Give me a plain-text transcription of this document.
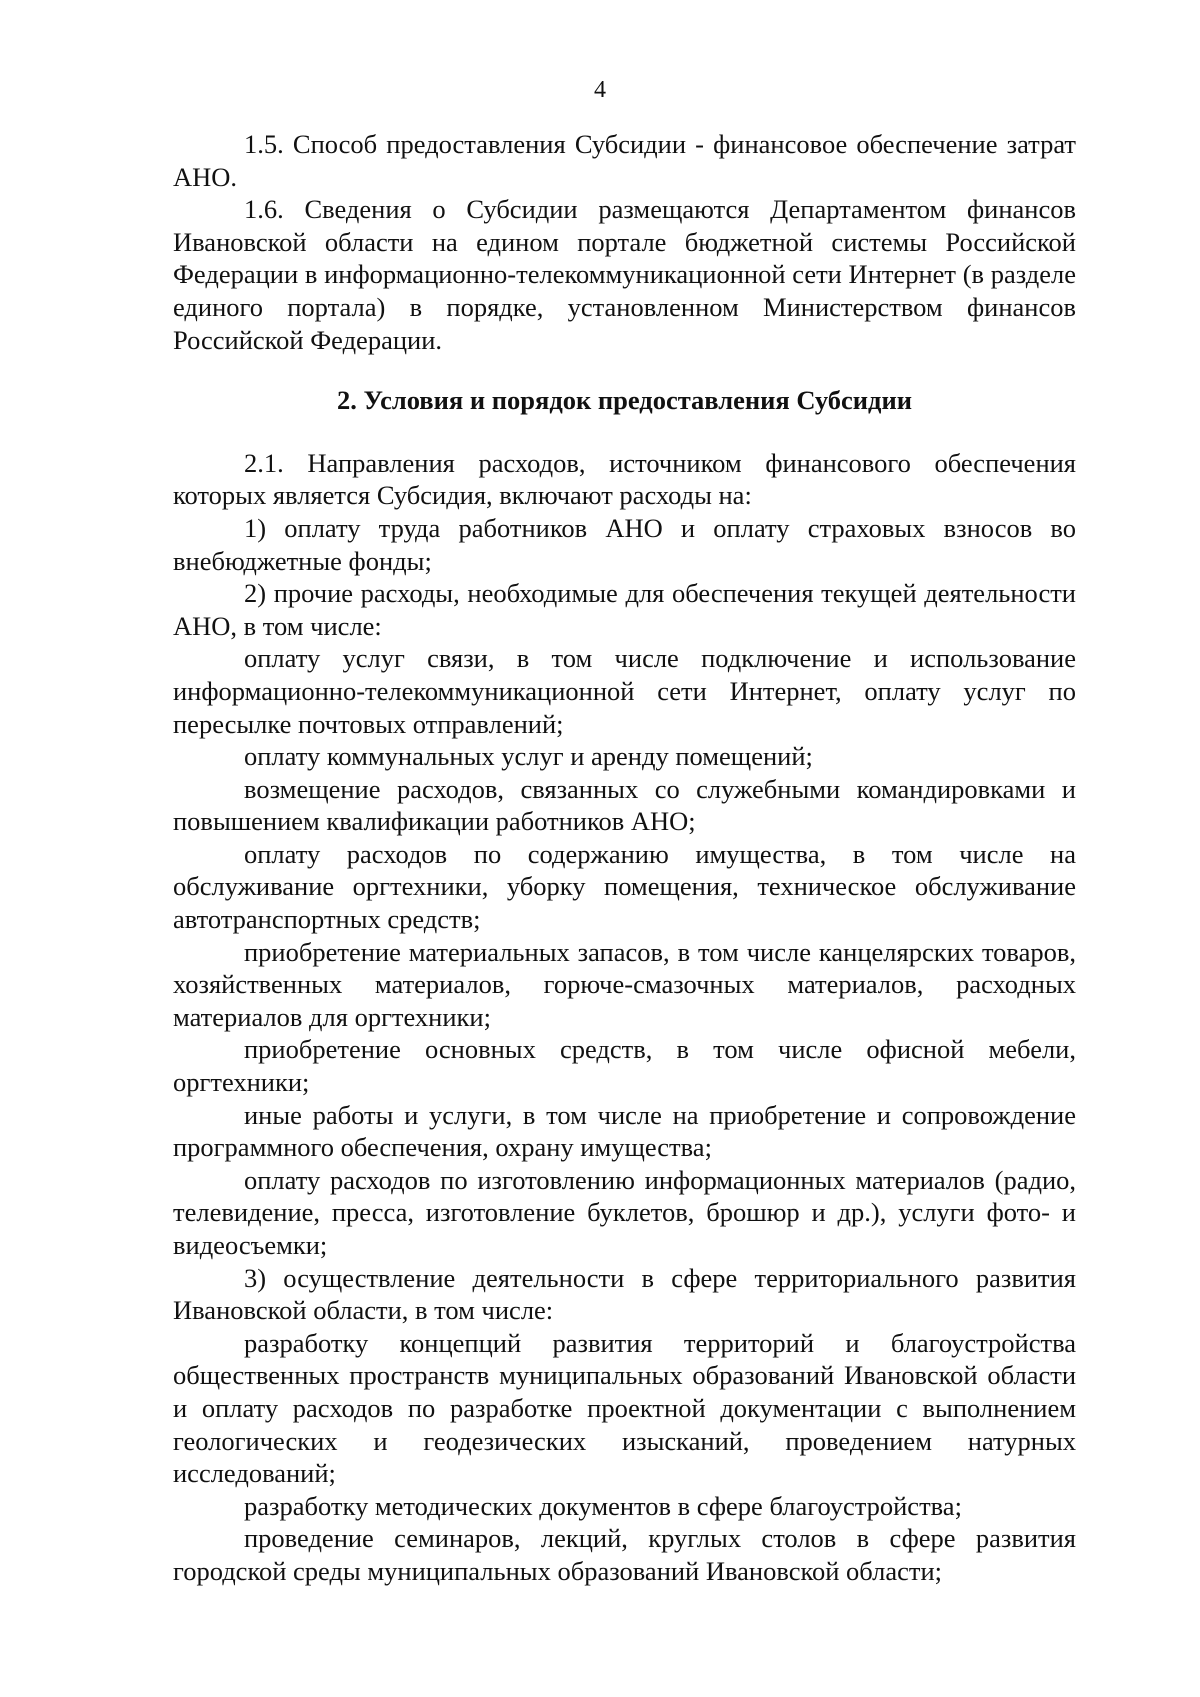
4

1.5. Способ предоставления Субсидии - финансовое обеспечение затрат АНО.

1.6. Сведения о Субсидии размещаются Департаментом финансов Ивановской области на едином портале бюджетной системы Российской Федерации в информационно-телекоммуникационной сети Интернет (в разделе единого портала) в порядке, установленном Министерством финансов Российской Федерации.

2. Условия и порядок предоставления Субсидии

2.1. Направления расходов, источником финансового обеспечения которых является Субсидия, включают расходы на:

1) оплату труда работников АНО и оплату страховых взносов во внебюджетные фонды;

2) прочие расходы, необходимые для обеспечения текущей деятельности АНО, в том числе:

оплату услуг связи, в том числе подключение и использование информационно-телекоммуникационной сети Интернет, оплату услуг по пересылке почтовых отправлений;

оплату коммунальных услуг и аренду помещений;

возмещение расходов, связанных со служебными командировками и повышением квалификации работников АНО;

оплату расходов по содержанию имущества, в том числе на обслуживание оргтехники, уборку помещения, техническое обслуживание автотранспортных средств;

приобретение материальных запасов, в том числе канцелярских товаров, хозяйственных материалов, горюче-смазочных материалов, расходных материалов для оргтехники;

приобретение основных средств, в том числе офисной мебели, оргтехники;

иные работы и услуги, в том числе на приобретение и сопровождение программного обеспечения, охрану имущества;

оплату расходов по изготовлению информационных материалов (радио, телевидение, пресса, изготовление буклетов, брошюр и др.), услуги фото- и видеосъемки;

3) осуществление деятельности в сфере территориального развития Ивановской области, в том числе:

разработку концепций развития территорий и благоустройства общественных пространств муниципальных образований Ивановской области и оплату расходов по разработке проектной документации с выполнением геологических и геодезических изысканий, проведением натурных исследований;

разработку методических документов в сфере благоустройства;

проведение семинаров, лекций, круглых столов в сфере развития городской среды муниципальных образований Ивановской области;
